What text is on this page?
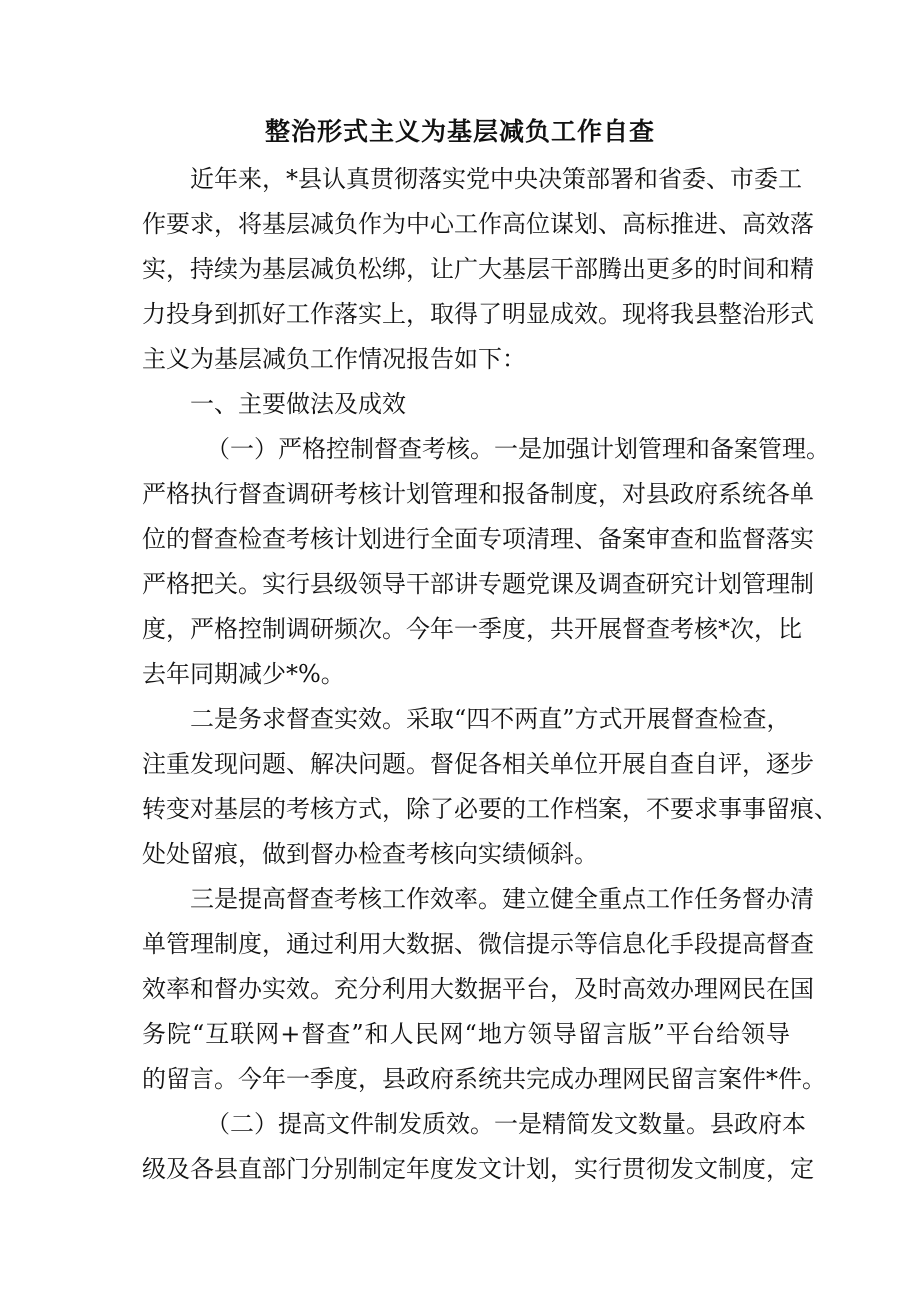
整治形式主义为基层减负工作自查
近年来，*县认真贯彻落实党中央决策部署和省委、市委工
作要求，将基层减负作为中心工作高位谋划、高标推进、高效落
实，持续为基层减负松绑，让广大基层干部腾出更多的时间和精
力投身到抓好工作落实上，取得了明显成效。现将我县整治形式
主义为基层减负工作情况报告如下：
一、主要做法及成效
（一）严格控制督查考核。一是加强计划管理和备案管理。
严格执行督查调研考核计划管理和报备制度，对县政府系统各单
位的督查检查考核计划进行全面专项清理、备案审查和监督落实
严格把关。实行县级领导干部讲专题党课及调查研究计划管理制
度，严格控制调研频次。今年一季度，共开展督查考核*次，比
去年同期减少*%。
二是务求督查实效。采取“四不两直”方式开展督查检查，
注重发现问题、解决问题。督促各相关单位开展自查自评，逐步
转变对基层的考核方式，除了必要的工作档案，不要求事事留痕、
处处留痕，做到督办检查考核向实绩倾斜。
三是提高督查考核工作效率。建立健全重点工作任务督办清
单管理制度，通过利用大数据、微信提示等信息化手段提高督查
效率和督办实效。充分利用大数据平台，及时高效办理网民在国
务院“互联网+督查”和人民网“地方领导留言版”平台给领导
的留言。今年一季度，县政府系统共完成办理网民留言案件*件。
（二）提高文件制发质效。一是精简发文数量。县政府本
级及各县直部门分别制定年度发文计划，实行贯彻发文制度，定
